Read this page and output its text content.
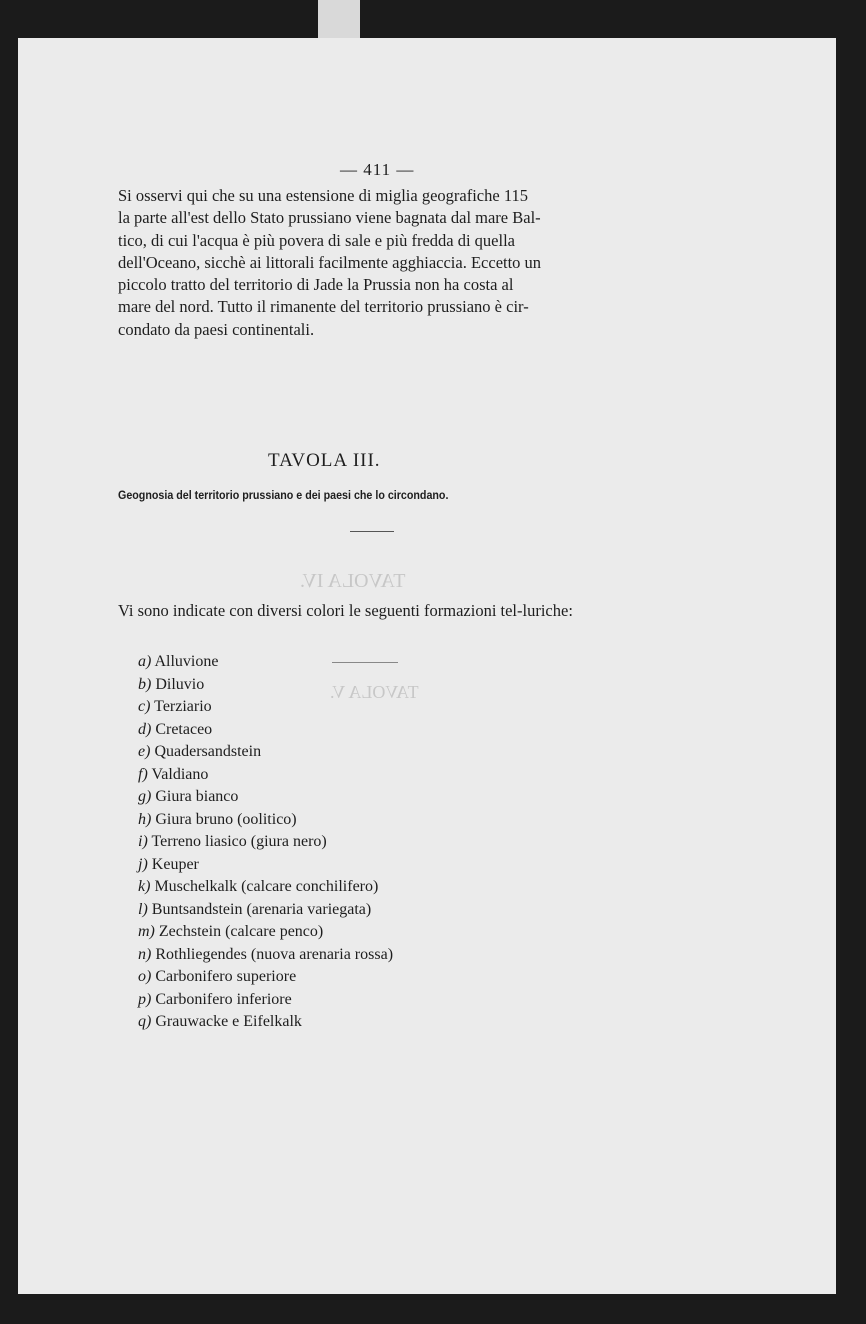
TAVOLA IV.
TAVOLA V.
— 411 —
Si osservi qui che su una estensione di miglia geografiche 115
la parte all'est dello Stato prussiano viene bagnata dal mare Bal-
tico, di cui l'acqua è più povera di sale e più fredda di quella
dell'Oceano, sicchè ai littorali facilmente agghiaccia. Eccetto un
piccolo tratto del territorio di Jade la Prussia non ha costa al
mare del nord. Tutto il rimanente del territorio prussiano è cir-
condato da paesi continentali.
TAVOLA III.
Geognosia del territorio prussiano e dei paesi che lo circondano.
Vi sono indicate con diversi colori le seguenti formazioni tel-luriche:
a) Alluvione
b) Diluvio
c) Terziario
d) Cretaceo
e) Quadersandstein
f) Valdiano
g) Giura bianco
h) Giura bruno (oolitico)
i) Terreno liasico (giura nero)
j) Keuper
k) Muschelkalk (calcare conchilifero)
l) Buntsandstein (arenaria variegata)
m) Zechstein (calcare penco)
n) Rothliegendes (nuova arenaria rossa)
o) Carbonifero superiore
p) Carbonifero inferiore
q) Grauwacke e Eifelkalk
